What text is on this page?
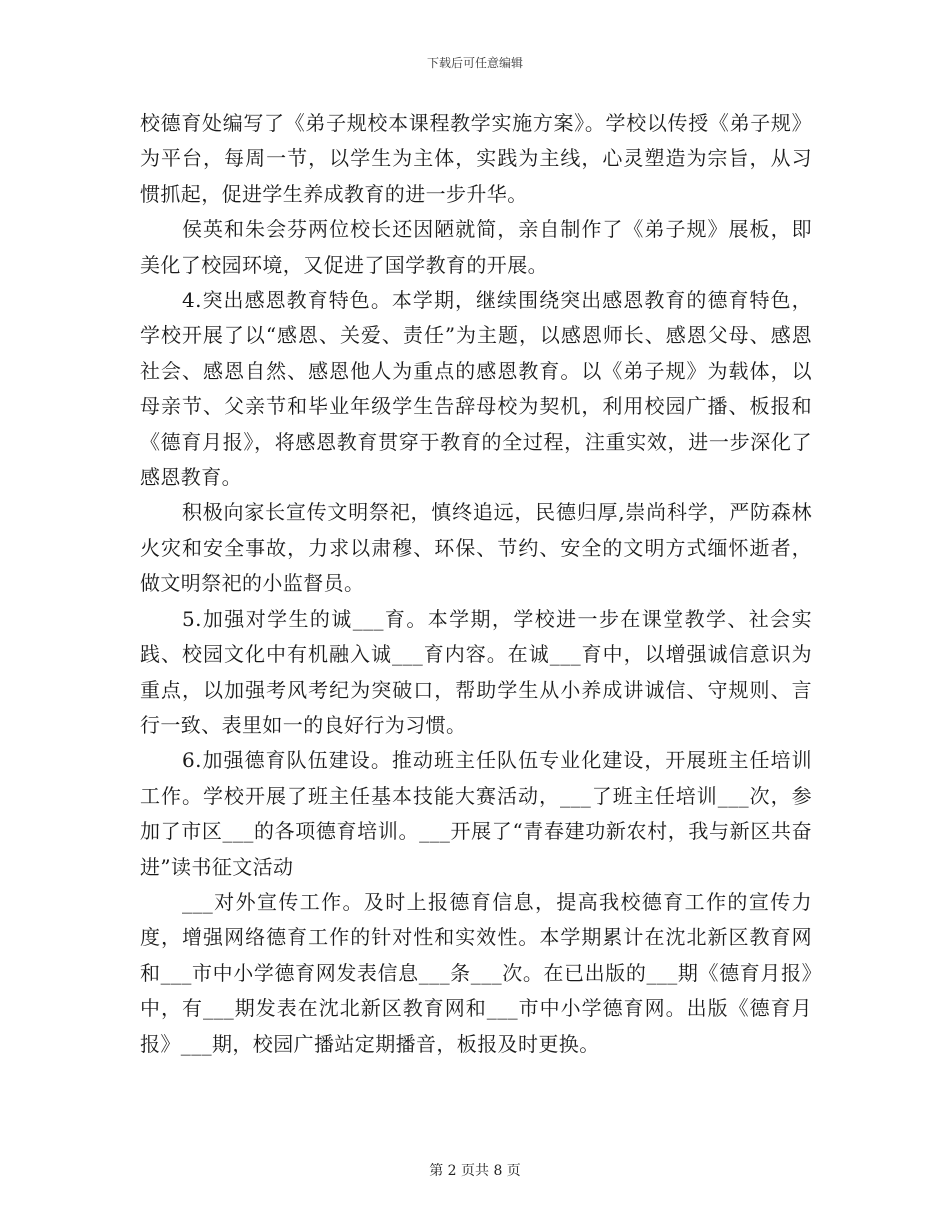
下载后可任意编辑

校德育处编写了《弟子规校本课程教学实施方案》。学校以传授《弟子规》为平台，每周一节，以学生为主体，实践为主线，心灵塑造为宗旨，从习惯抓起，促进学生养成教育的进一步升华。

侯英和朱会芬两位校长还因陋就简，亲自制作了《弟子规》展板，即美化了校园环境，又促进了国学教育的开展。

4.突出感恩教育特色。本学期，继续围绕突出感恩教育的德育特色，学校开展了以“感恩、关爱、责任”为主题，以感恩师长、感恩父母、感恩社会、感恩自然、感恩他人为重点的感恩教育。以《弟子规》为载体，以母亲节、父亲节和毕业年级学生告辞母校为契机，利用校园广播、板报和《德育月报》，将感恩教育贯穿于教育的全过程，注重实效，进一步深化了感恩教育。

积极向家长宣传文明祭祀，慎终追远，民德归厚,崇尚科学，严防森林火灾和安全事故，力求以肃穆、环保、节约、安全的文明方式缅怀逝者，做文明祭祀的小监督员。

5.加强对学生的诚___育。本学期，学校进一步在课堂教学、社会实践、校园文化中有机融入诚___育内容。在诚___育中，以增强诚信意识为重点，以加强考风考纪为突破口，帮助学生从小养成讲诚信、守规则、言行一致、表里如一的良好行为习惯。

6.加强德育队伍建设。推动班主任队伍专业化建设，开展班主任培训工作。学校开展了班主任基本技能大赛活动，___了班主任培训___次，参加了市区___的各项德育培训。___开展了“青春建功新农村，我与新区共奋进”读书征文活动

___对外宣传工作。及时上报德育信息，提高我校德育工作的宣传力度，增强网络德育工作的针对性和实效性。本学期累计在沈北新区教育网和___市中小学德育网发表信息___条___次。在已出版的___期《德育月报》中，有___期发表在沈北新区教育网和___市中小学德育网。出版《德育月报》___期，校园广播站定期播音，板报及时更换。

第 2 页共 8 页
